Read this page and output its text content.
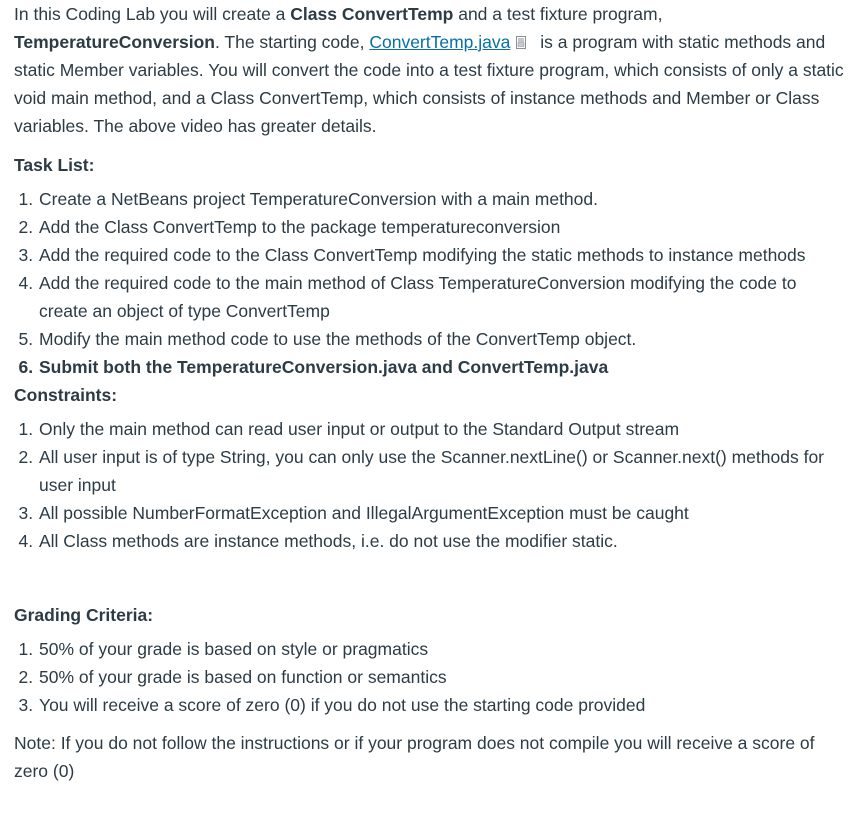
In this Coding Lab you will create a Class ConvertTemp and a test fixture program,
TemperatureConversion. The starting code, ConvertTemp.java is a program with static methods and static Member variables. You will convert the code into a test fixture program, which consists of only a static void main method, and a Class ConvertTemp, which consists of instance methods and Member or Class variables. The above video has greater details.

Task List:

1. Create a NetBeans project TemperatureConversion with a main method.
2. Add the Class ConvertTemp to the package temperatureconversion
3. Add the required code to the Class ConvertTemp modifying the static methods to instance methods
4. Add the required code to the main method of Class TemperatureConversion modifying the code to create an object of type ConvertTemp
5. Modify the main method code to use the methods of the ConvertTemp object.
6. Submit both the TemperatureConversion.java and ConvertTemp.java

Constraints:

1. Only the main method can read user input or output to the Standard Output stream
2. All user input is of type String, you can only use the Scanner.nextLine() or Scanner.next() methods for user input
3. All possible NumberFormatException and IllegalArgumentException must be caught
4. All Class methods are instance methods, i.e. do not use the modifier static.

Grading Criteria:

1. 50% of your grade is based on style or pragmatics
2. 50% of your grade is based on function or semantics
3. You will receive a score of zero (0) if you do not use the starting code provided

Note: If you do not follow the instructions or if your program does not compile you will receive a score of zero (0)
